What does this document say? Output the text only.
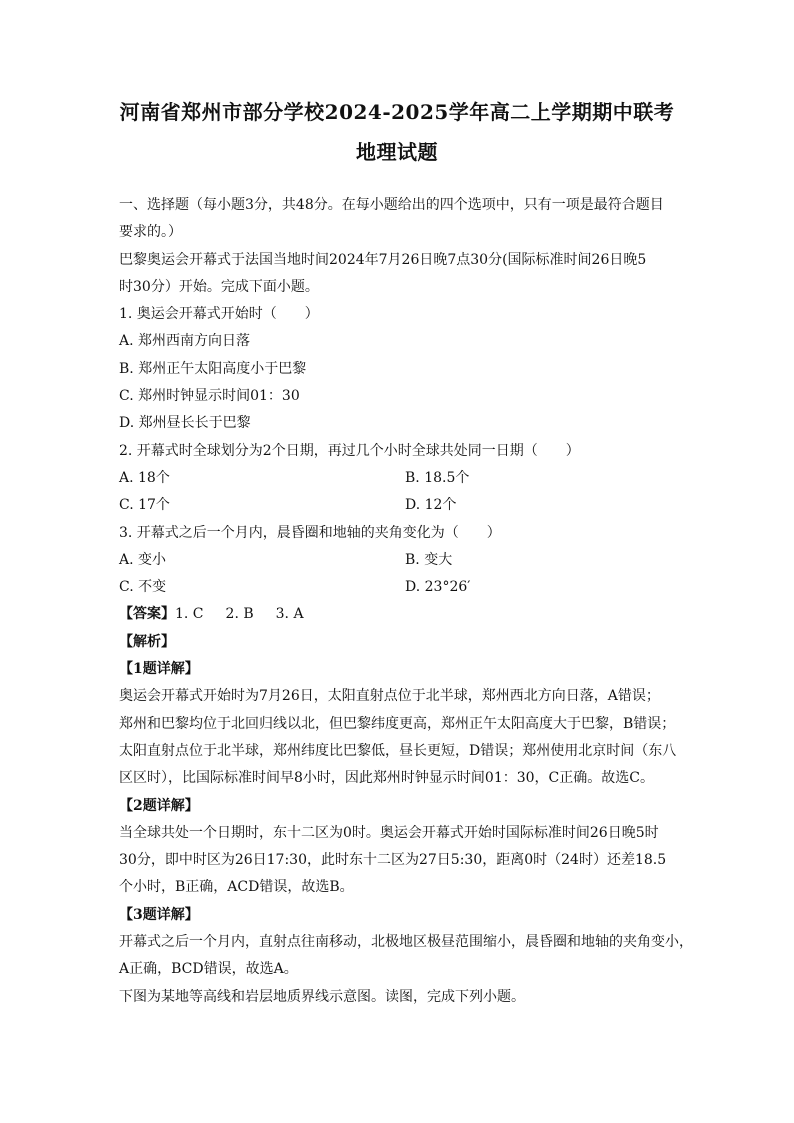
河南省郑州市部分学校2024-2025学年高二上学期期中联考
地理试题
一、选择题（每小题3分，共48分。在每小题给出的四个选项中，只有一项是最符合题目
要求的。）
巴黎奥运会开幕式于法国当地时间2024年7月26日晚7点30分(国际标准时间26日晚5
时30分）开始。完成下面小题。
1. 奥运会开幕式开始时（　　）
A. 郑州西南方向日落
B. 郑州正午太阳高度小于巴黎
C. 郑州时钟显示时间01：30
D. 郑州昼长长于巴黎
2. 开幕式时全球划分为2个日期，再过几个小时全球共处同一日期（　　）
A. 18个	B. 18.5个
C. 17个	D. 12个
3. 开幕式之后一个月内，晨昏圈和地轴的夹角变化为（　　）
A. 变小	B. 变大
C. 不变	D. 23°26′
【答案】1. C 2. B 3. A
【解析】
【1题详解】
奥运会开幕式开始时为7月26日，太阳直射点位于北半球，郑州西北方向日落，A错误；
郑州和巴黎均位于北回归线以北，但巴黎纬度更高，郑州正午太阳高度大于巴黎，B错误；
太阳直射点位于北半球，郑州纬度比巴黎低，昼长更短，D错误；郑州使用北京时间（东八
区区时），比国际标准时间早8小时，因此郑州时钟显示时间01：30，C正确。故选C。
【2题详解】
当全球共处一个日期时，东十二区为0时。奥运会开幕式开始时国际标准时间26日晚5时
30分，即中时区为26日17:30，此时东十二区为27日5:30，距离0时（24时）还差18.5
个小时，B正确，ACD错误，故选B。
【3题详解】
开幕式之后一个月内，直射点往南移动，北极地区极昼范围缩小，晨昏圈和地轴的夹角变小，
A正确，BCD错误，故选A。
下图为某地等高线和岩层地质界线示意图。读图，完成下列小题。
